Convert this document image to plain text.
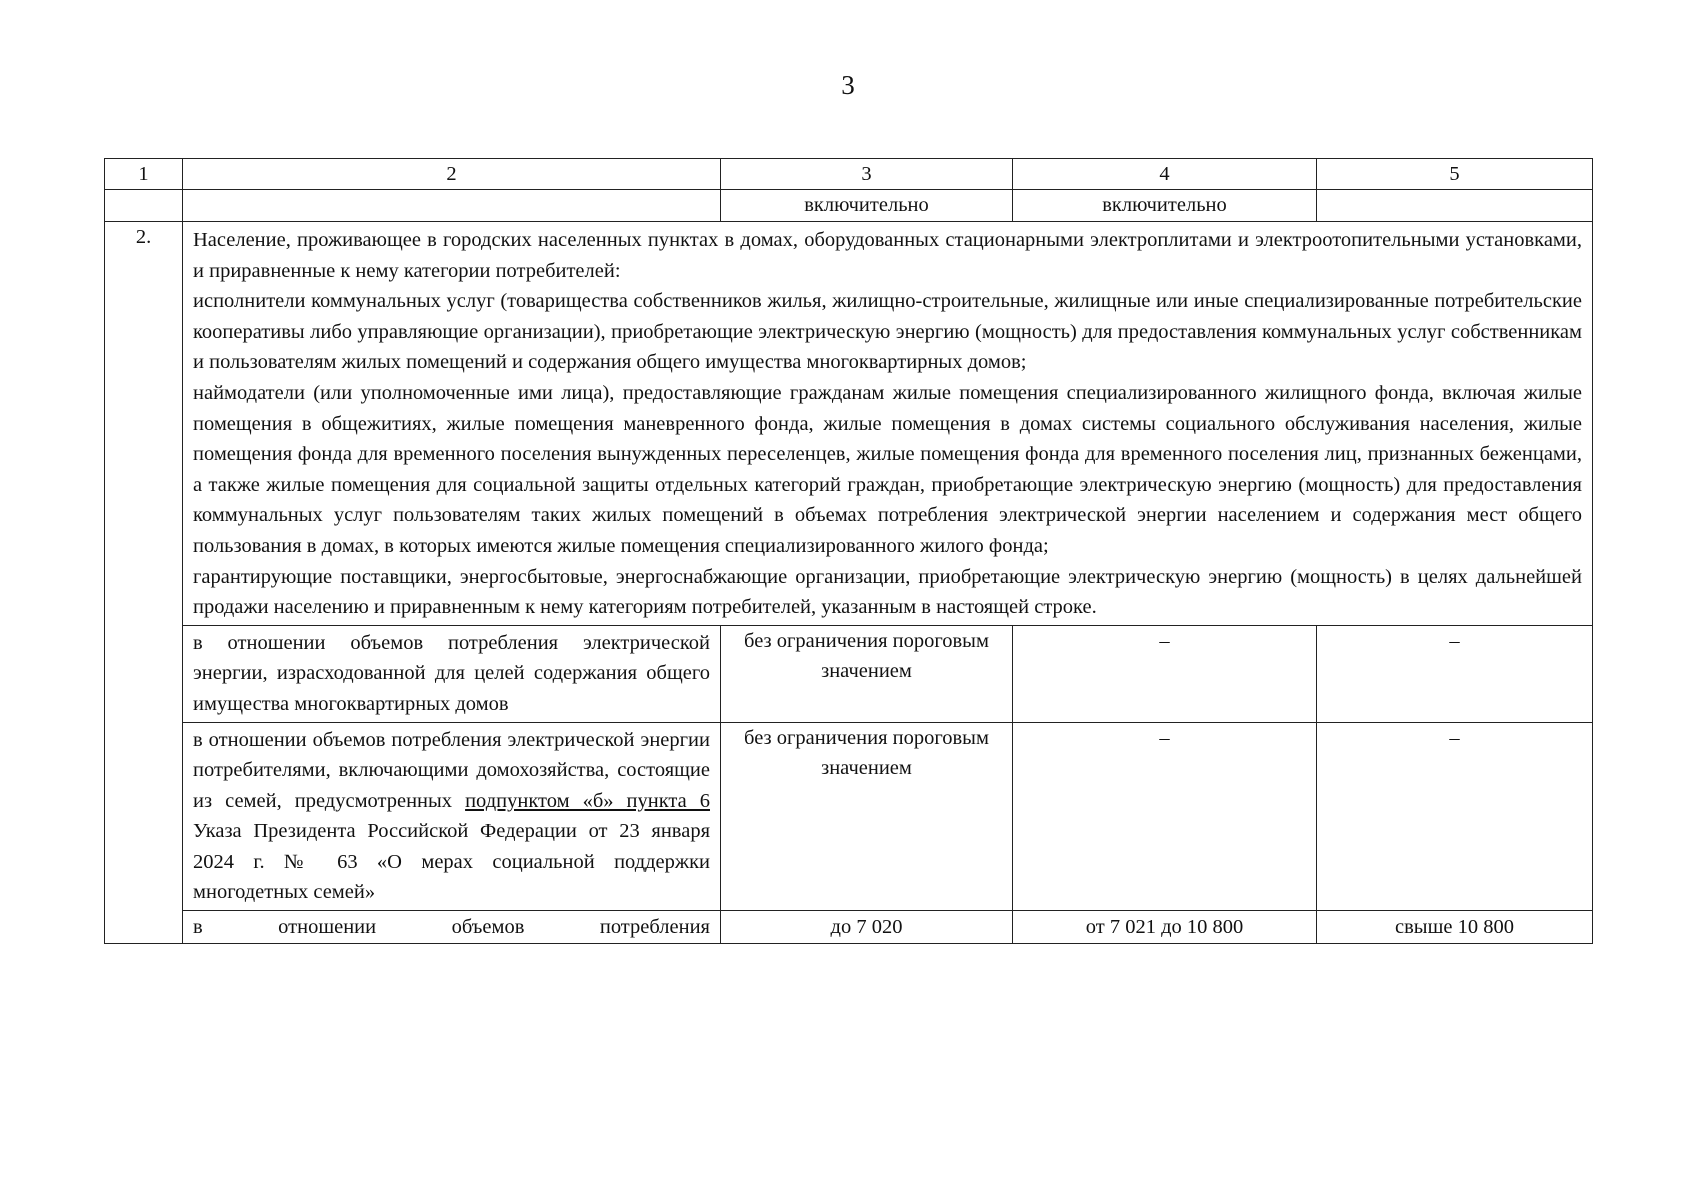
3
1	2	3	4	5
		включительно	включительно	
2.	Население, проживающее в городских населенных пунктах в домах, оборудованных стационарными электроплитами и электроотопительными установками, и приравненные к нему категории потребителей:
исполнители коммунальных услуг (товарищества собственников жилья, жилищно-строительные, жилищные или иные специализированные потребительские кооперативы либо управляющие организации), приобретающие электрическую энергию (мощность) для предоставления коммунальных услуг собственникам и пользователям жилых помещений и содержания общего имущества многоквартирных домов;
наймодатели (или уполномоченные ими лица), предоставляющие гражданам жилые помещения специализированного жилищного фонда, включая жилые помещения в общежитиях, жилые помещения маневренного фонда, жилые помещения в домах системы социального обслуживания населения, жилые помещения фонда для временного поселения вынужденных переселенцев, жилые помещения фонда для временного поселения лиц, признанных беженцами, а также жилые помещения для социальной защиты отдельных категорий граждан, приобретающие электрическую энергию (мощность) для предоставления коммунальных услуг пользователям таких жилых помещений в объемах потребления электрической энергии населением и содержания мест общего пользования в домах, в которых имеются жилые помещения специализированного жилого фонда;
гарантирующие поставщики, энергосбытовые, энергоснабжающие организации, приобретающие электрическую энергию (мощность) в целях дальнейшей продажи населению и приравненным к нему категориям потребителей, указанным в настоящей строке.			

	в отношении объемов потребления электрической энергии, израсходованной для целей содержания общего имущества многоквартирных домов	без ограничения пороговым значением	–	–
	в отношении объемов потребления электрической энергии потребителями, включающими домохозяйства, состоящие из семей, предусмотренных подпунктом «б» пункта 6 Указа Президента Российской Федерации от 23 января 2024 г. № 63 «О мерах социальной поддержки многодетных семей»	без ограничения пороговым значением	–	–
	в отношении объемов потребления	до 7 020	от 7 021 до 10 800	свыше 10 800
